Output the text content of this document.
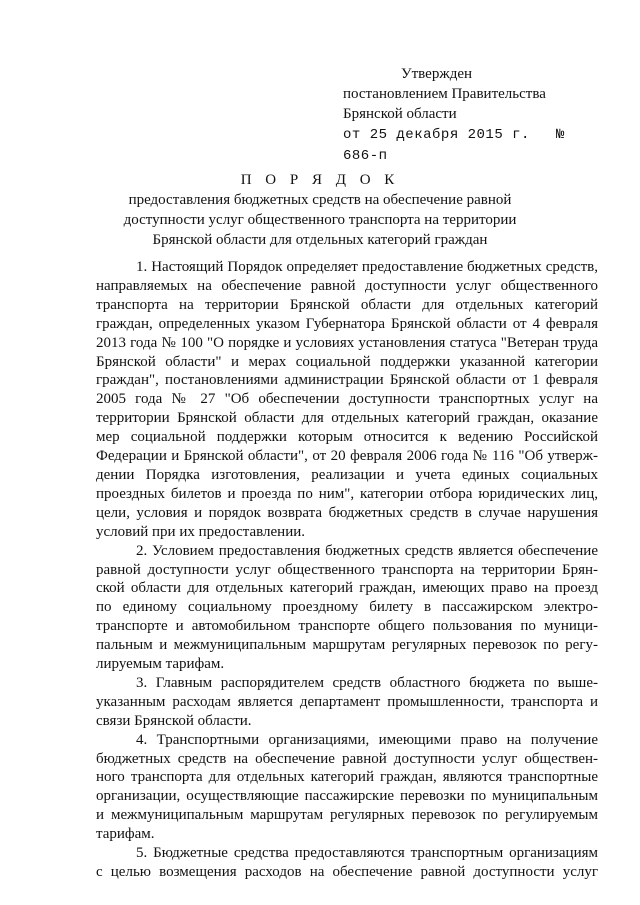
Утвержден
постановлением Правительства
Брянской области
от 25 декабря 2015 г. № 686-п
П О Р Я Д О К
предоставления бюджетных средств на обеспечение равной
доступности услуг общественного транспорта на территории
Брянской области для отдельных категорий граждан
1. Настоящий Порядок определяет предоставление бюджетных средств,
направляемых на обеспечение равной доступности услуг общественного
транспорта на территории Брянской области для отдельных категорий
граждан, определенных указом Губернатора Брянской области от 4 февраля
2013 года № 100 "О порядке и условиях установления статуса "Ветеран труда
Брянской области" и мерах социальной поддержки указанной категории
граждан", постановлениями администрации Брянской области от 1 февраля
2005 года № 27 "Об обеспечении доступности транспортных услуг на
территории Брянской области для отдельных категорий граждан, оказание
мер социальной поддержки которым относится к ведению Российской
Федерации и Брянской области", от 20 февраля 2006 года № 116 "Об утверж-
дении Порядка изготовления, реализации и учета единых социальных
проездных билетов и проезда по ним", категории отбора юридических лиц,
цели, условия и порядок возврата бюджетных средств в случае нарушения
условий при их предоставлении.
2. Условием предоставления бюджетных средств является обеспечение
равной доступности услуг общественного транспорта на территории Брян-
ской области для отдельных категорий граждан, имеющих право на проезд
по единому социальному проездному билету в пассажирском электро-
транспорте и автомобильном транспорте общего пользования по муници-
пальным и межмуниципальным маршрутам регулярных перевозок по регу-
лируемым тарифам.
3. Главным распорядителем средств областного бюджета по выше-
указанным расходам является департамент промышленности, транспорта и
связи Брянской области.
4. Транспортными организациями, имеющими право на получение
бюджетных средств на обеспечение равной доступности услуг обществен-
ного транспорта для отдельных категорий граждан, являются транспортные
организации, осуществляющие пассажирские перевозки по муниципальным
и межмуниципальным маршрутам регулярных перевозок по регулируемым
тарифам.
5. Бюджетные средства предоставляются транспортным организациям
с целью возмещения расходов на обеспечение равной доступности услуг
